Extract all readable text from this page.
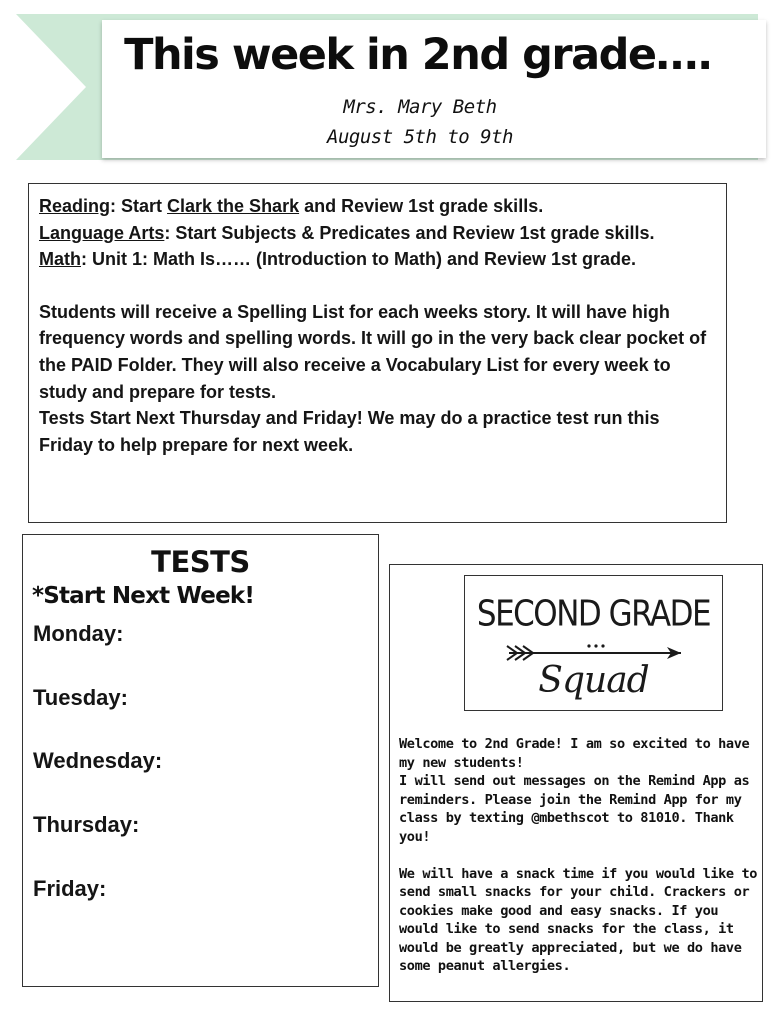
This week in 2nd grade….
Mrs. Mary Beth
August 5th to 9th

Reading: Start Clark the Shark and Review 1st grade skills.

Language Arts: Start Subjects & Predicates and Review 1st grade skills.

Math: Unit 1: Math Is…… (Introduction to Math) and Review 1st grade.

Students will receive a Spelling List for each weeks story. It will have high frequency words and spelling words. It will go in the very back clear pocket of the PAID Folder. They will also receive a Vocabulary List for every week to study and prepare for tests.

Tests Start Next Thursday and Friday! We may do a practice test run this Friday to help prepare for next week.

TESTS
*Start Next Week!
Monday:
Tuesday:
Wednesday:
Thursday:
Friday:
SECOND GRADE
Squad

Welcome to 2nd Grade! I am so excited to have my new students!

I will send out messages on the Remind App as reminders. Please join the Remind App for my class by texting @mbethscot to 81010. Thank you!

We will have a snack time if you would like to send small snacks for your child. Crackers or cookies make good and easy snacks. If you would like to send snacks for the class, it would be greatly appreciated, but we do have some peanut allergies.
